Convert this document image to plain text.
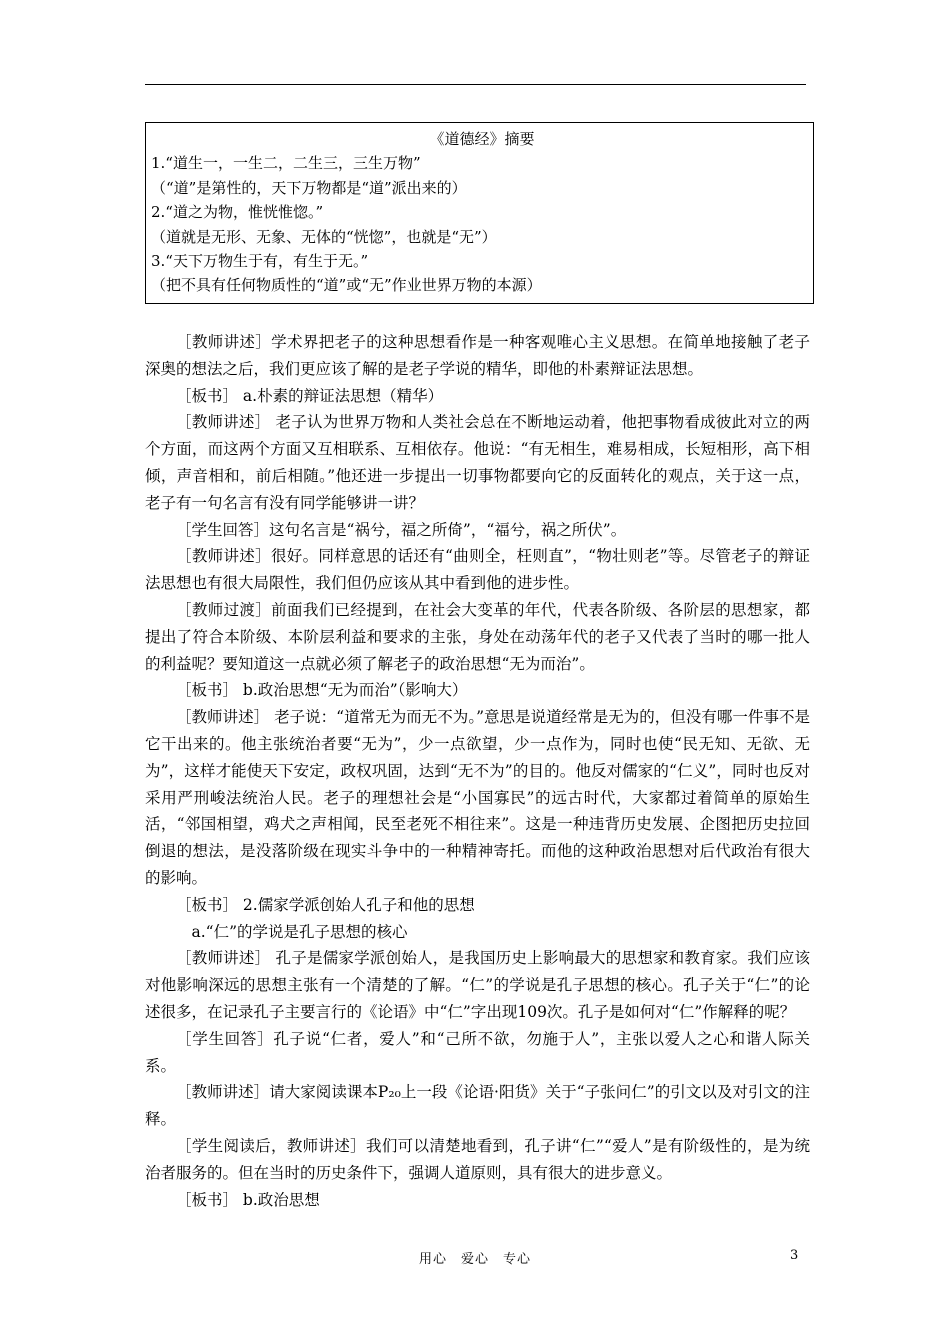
《道德经》摘要
1.“道生一，一生二，二生三，三生万物”
（“道”是第性的，天下万物都是“道”派出来的）
2.“道之为物，惟恍惟惚。”
（道就是无形、无象、无体的“恍惚”，也就是“无”）
3.“天下万物生于有，有生于无。”
（把不具有任何物质性的“道”或“无”作业世界万物的本源）

［教师讲述］学术界把老子的这种思想看作是一种客观唯心主义思想。在简单地接触了老子深奥的想法之后，我们更应该了解的是老子学说的精华，即他的朴素辩证法思想。

［板书］ a.朴素的辩证法思想（精华）

［教师讲述］ 老子认为世界万物和人类社会总在不断地运动着，他把事物看成彼此对立的两个方面，而这两个方面又互相联系、互相依存。他说：“有无相生，难易相成，长短相形，高下相倾，声音相和，前后相随。”他还进一步提出一切事物都要向它的反面转化的观点，关于这一点，老子有一句名言有没有同学能够讲一讲？

［学生回答］这句名言是“祸兮，福之所倚”，“福兮，祸之所伏”。

［教师讲述］很好。同样意思的话还有“曲则全，枉则直”，“物壮则老”等。尽管老子的辩证法思想也有很大局限性，我们但仍应该从其中看到他的进步性。

［教师过渡］前面我们已经提到，在社会大变革的年代，代表各阶级、各阶层的思想家，都提出了符合本阶级、本阶层利益和要求的主张，身处在动荡年代的老子又代表了当时的哪一批人的利益呢？要知道这一点就必须了解老子的政治思想“无为而治”。

［板书］ b.政治思想“无为而治”（影响大）

［教师讲述］ 老子说：“道常无为而无不为。”意思是说道经常是无为的，但没有哪一件事不是它干出来的。他主张统治者要“无为”，少一点欲望，少一点作为，同时也使“民无知、无欲、无为”，这样才能使天下安定，政权巩固，达到“无不为”的目的。他反对儒家的“仁义”，同时也反对采用严刑峻法统治人民。老子的理想社会是“小国寡民”的远古时代，大家都过着简单的原始生活，“邻国相望，鸡犬之声相闻，民至老死不相往来”。这是一种违背历史发展、企图把历史拉回倒退的想法，是没落阶级在现实斗争中的一种精神寄托。而他的这种政治思想对后代政治有很大的影响。

［板书］ 2.儒家学派创始人孔子和他的思想

a.“仁”的学说是孔子思想的核心

［教师讲述］ 孔子是儒家学派创始人，是我国历史上影响最大的思想家和教育家。我们应该对他影响深远的思想主张有一个清楚的了解。“仁”的学说是孔子思想的核心。孔子关于“仁”的论述很多，在记录孔子主要言行的《论语》中“仁”字出现109次。孔子是如何对“仁”作解释的呢？

［学生回答］孔子说“仁者，爱人”和“己所不欲，勿施于人”，主张以爱人之心和谐人际关系。

［教师讲述］请大家阅读课本P₂₀上一段《论语·阳货》关于“子张问仁”的引文以及对引文的注释。

［学生阅读后，教师讲述］我们可以清楚地看到，孔子讲“仁”“爱人”是有阶级性的，是为统治者服务的。但在当时的历史条件下，强调人道原则，具有很大的进步意义。

［板书］ b.政治思想

用心　爱心　专心	3
